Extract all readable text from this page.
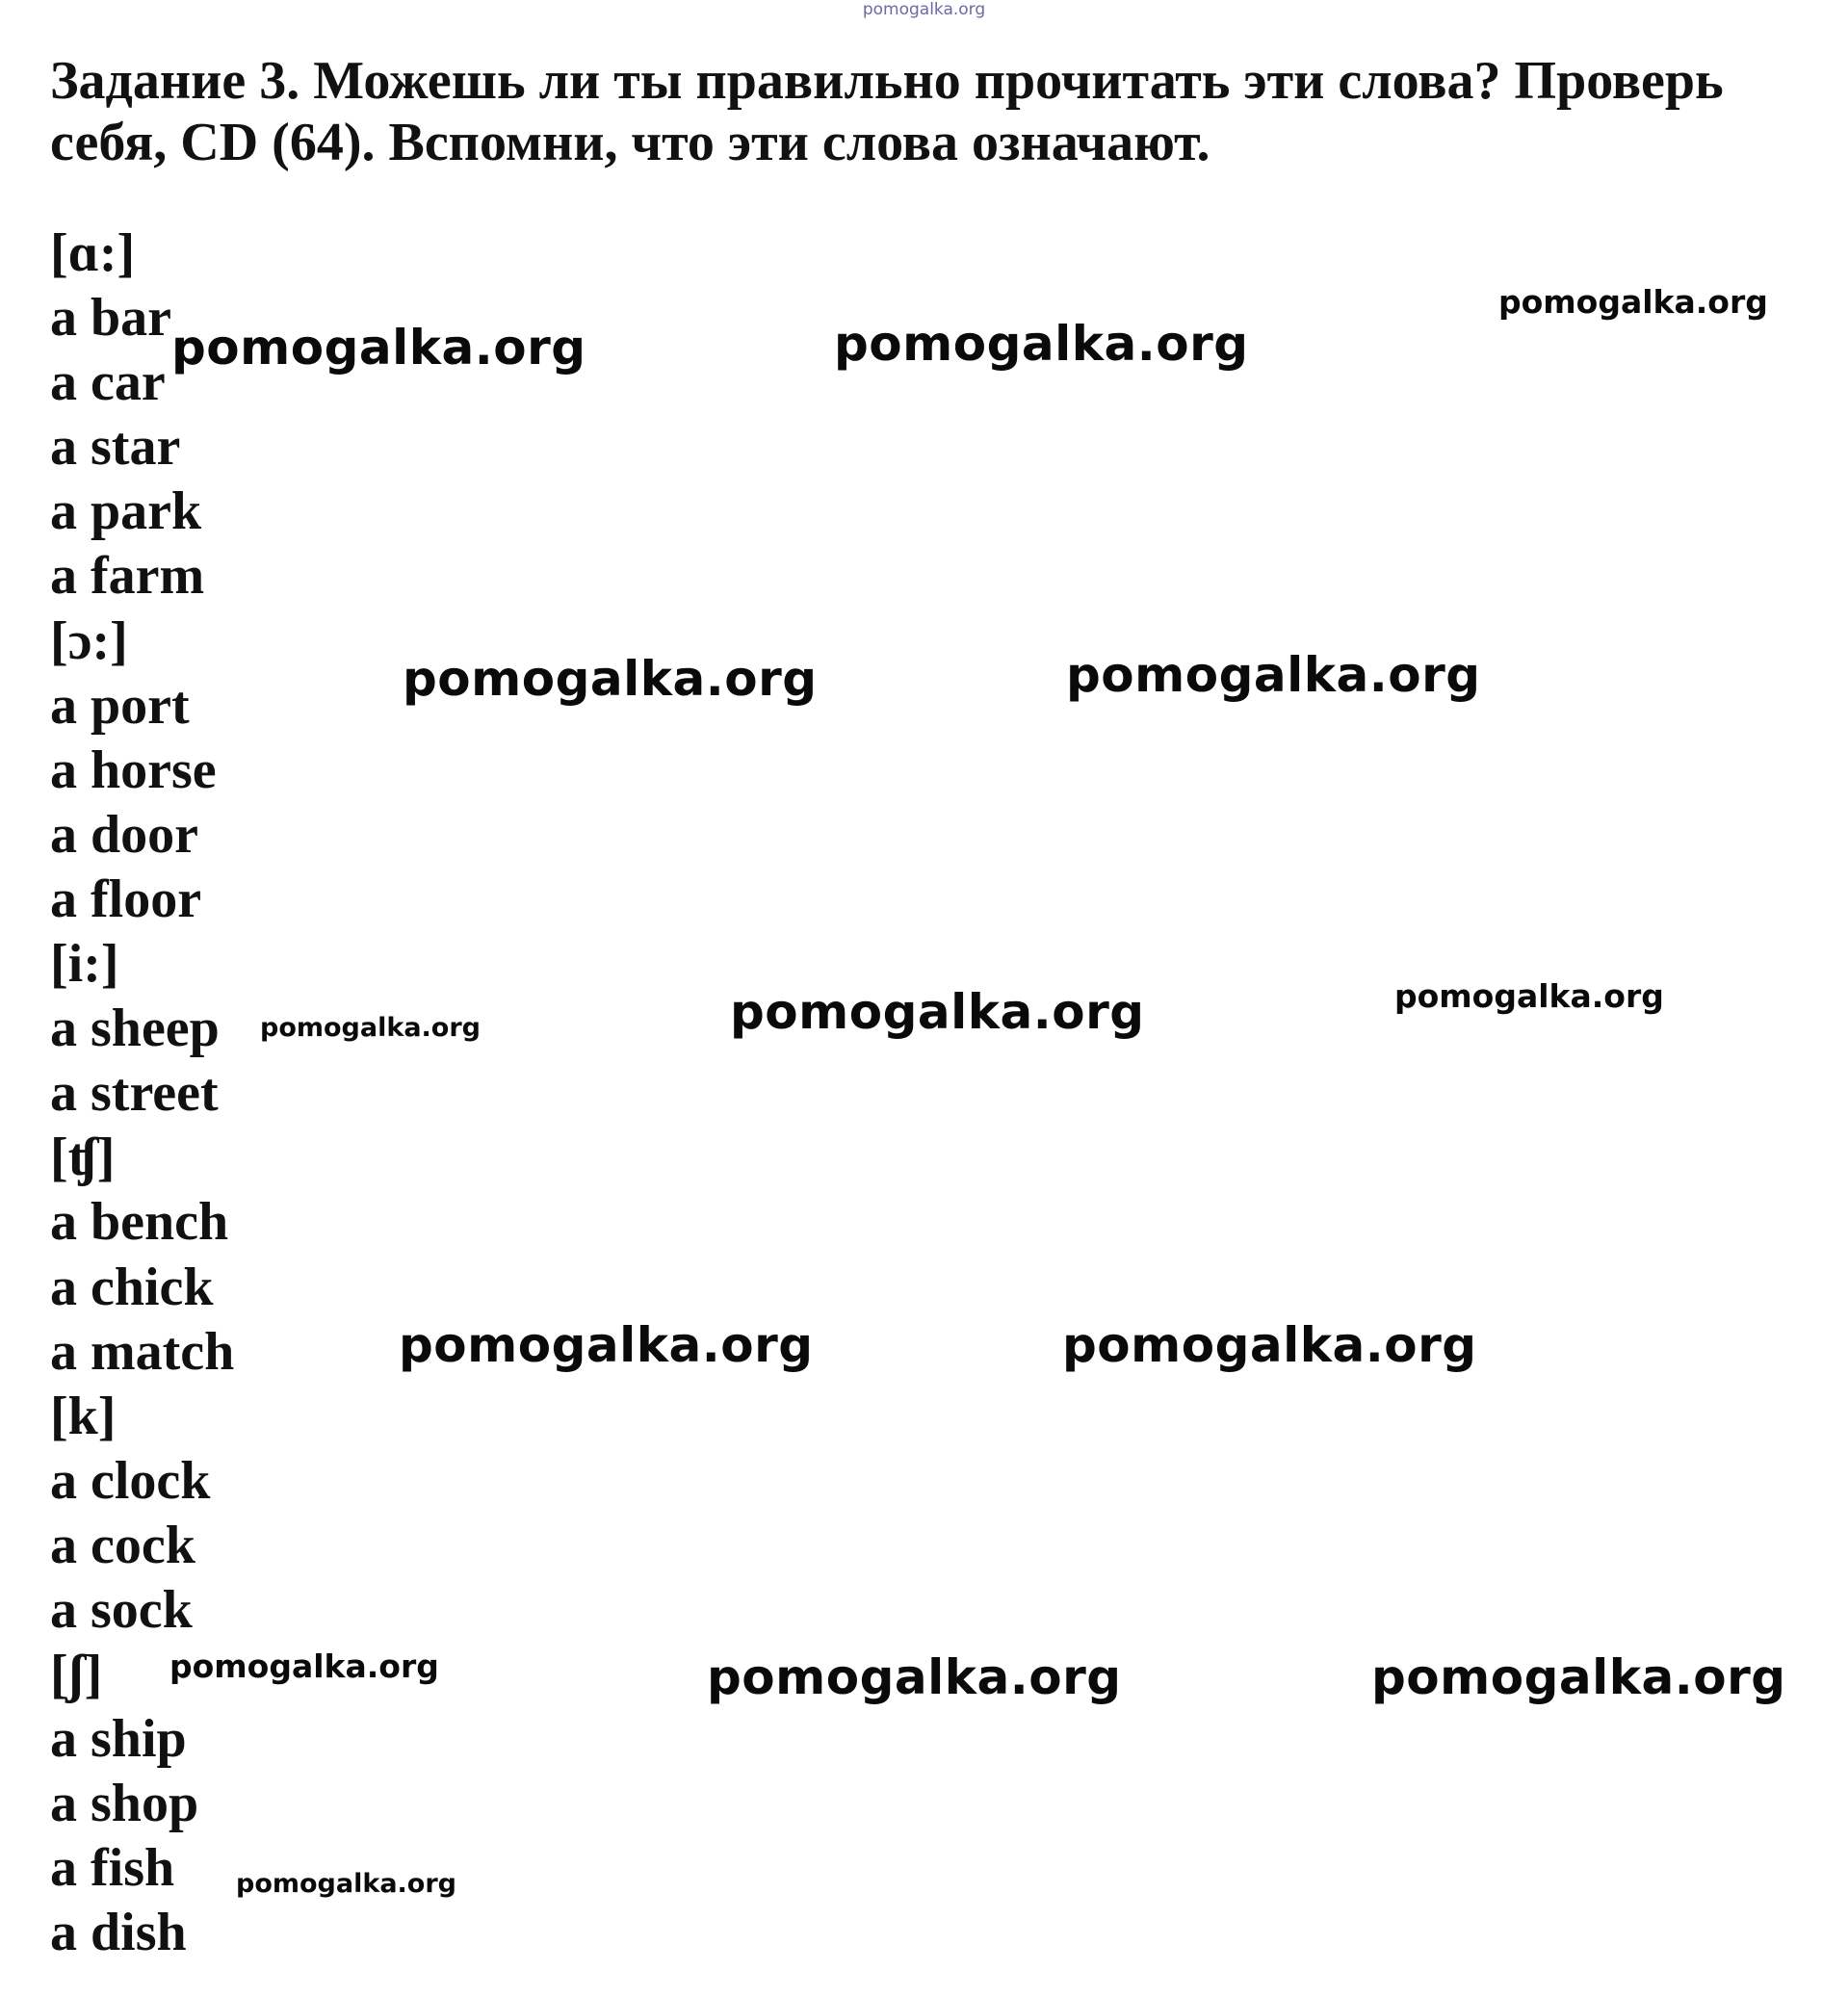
pomogalka.org
Задание 3. Можешь ли ты правильно прочитать эти слова? Проверь себя, CD (64). Вспомни, что эти слова означают.
[ɑ:]
a bar
a car
a star
a park
a farm
[ɔ:]
a port
a horse
a door
a floor
[i:]
a sheep
a street
[ʧ]
a bench
a chick
a match
[k]
a clock
a cock
a sock
[ʃ]
a ship
a shop
a fish
a dish
pomogalka.org	pomogalka.org
pomogalka.org
pomogalka.org	pomogalka.org
pomogalka.org	pomogalka.org	pomogalka.org
pomogalka.org	pomogalka.org
pomogalka.org	pomogalka.org	pomogalka.org
pomogalka.org
